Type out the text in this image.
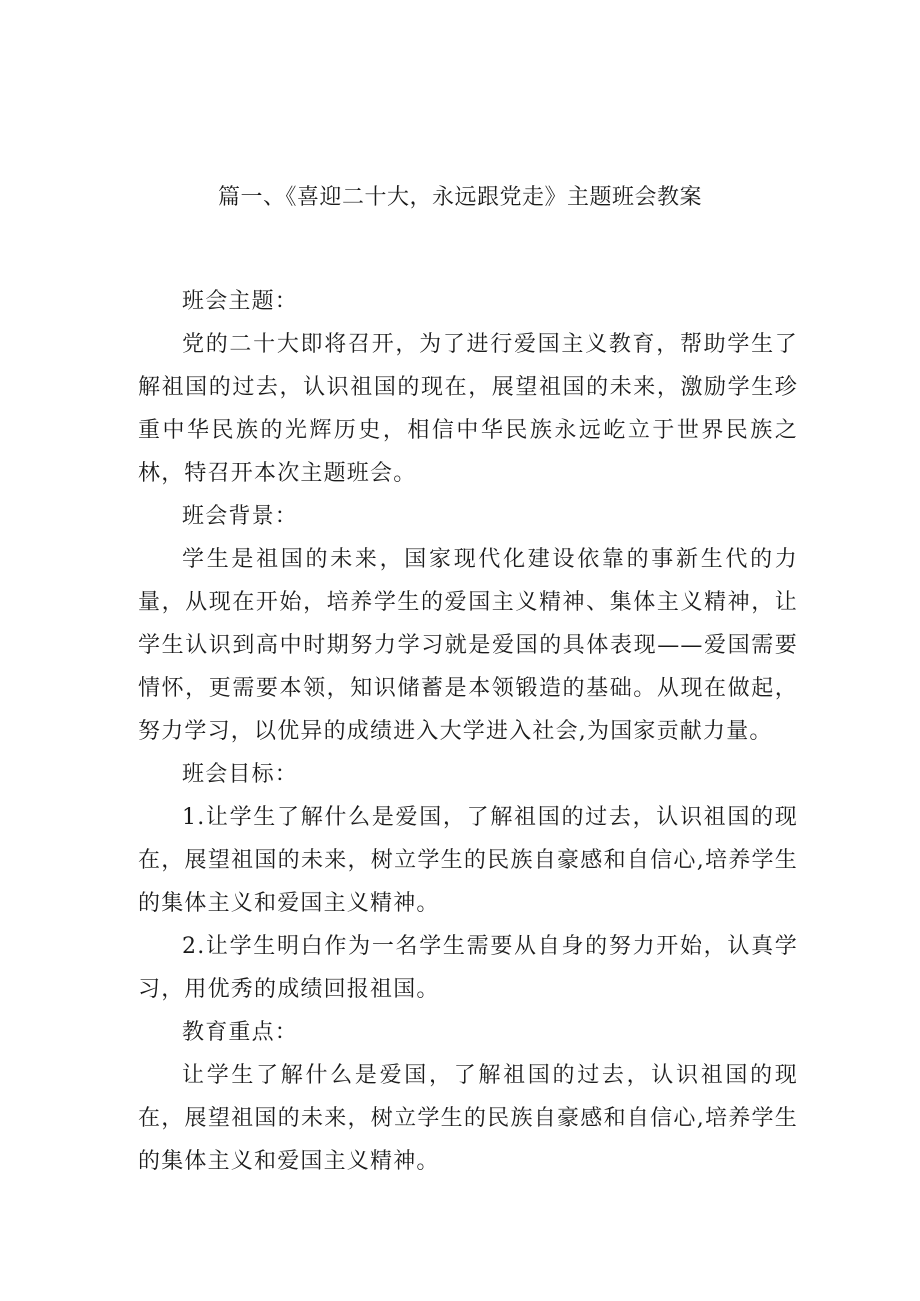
篇一、《喜迎二十大，永远跟党走》主题班会教案

班会主题：

党的二十大即将召开，为了进行爱国主义教育，帮助学生了解祖国的过去，认识祖国的现在，展望祖国的未来，激励学生珍重中华民族的光辉历史，相信中华民族永远屹立于世界民族之林，特召开本次主题班会。

班会背景：

学生是祖国的未来，国家现代化建设依靠的事新生代的力量，从现在开始，培养学生的爱国主义精神、集体主义精神，让学生认识到高中时期努力学习就是爱国的具体表现——爱国需要情怀，更需要本领，知识储蓄是本领锻造的基础。从现在做起，努力学习，以优异的成绩进入大学进入社会,为国家贡献力量。

班会目标：

1.让学生了解什么是爱国，了解祖国的过去，认识祖国的现在，展望祖国的未来，树立学生的民族自豪感和自信心,培养学生的集体主义和爱国主义精神。

2.让学生明白作为一名学生需要从自身的努力开始，认真学习，用优秀的成绩回报祖国。

教育重点：

让学生了解什么是爱国，了解祖国的过去，认识祖国的现在，展望祖国的未来，树立学生的民族自豪感和自信心,培养学生的集体主义和爱国主义精神。
